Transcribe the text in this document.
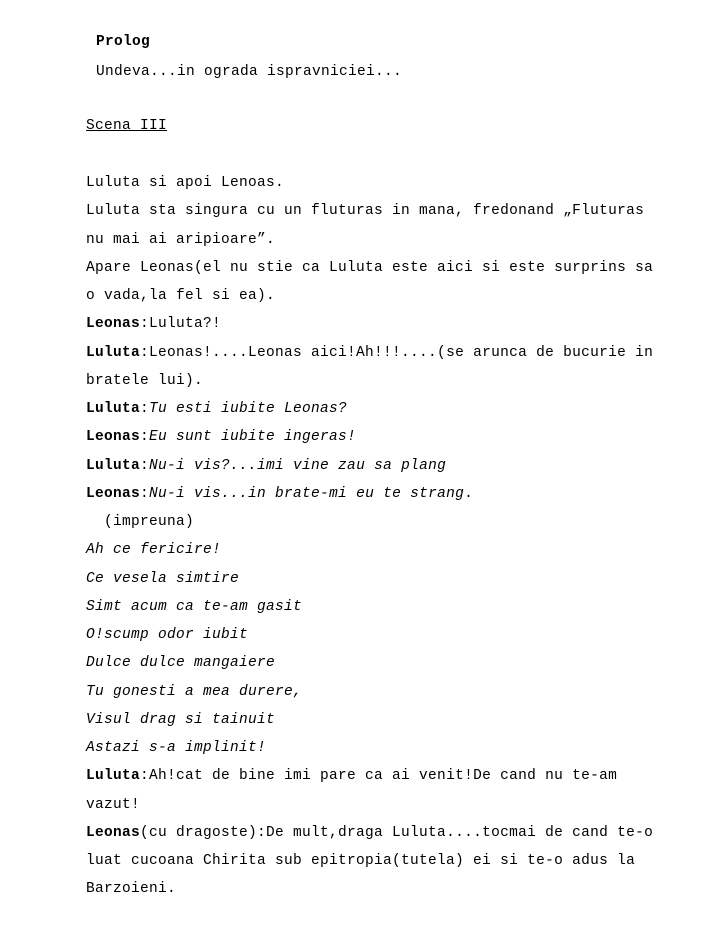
Prolog
Undeva...in ograda ispravniciei...
Scena III
Luluta si apoi Lenoas.
Luluta sta singura cu un fluturas in mana, fredonand „Fluturas
nu mai ai aripioare”.
Apare Leonas(el nu stie ca Luluta este aici si este surprins sa
o vada,la fel si ea).
Leonas:Luluta?!
Luluta:Leonas!....Leonas aici!Ah!!!....(se arunca de bucurie in
bratele lui).
Luluta:Tu esti iubite Leonas?
Leonas:Eu sunt iubite ingeras!
Luluta:Nu-i vis?...imi vine zau sa plang
Leonas:Nu-i vis...in brate-mi eu te strang.
(impreuna)
Ah ce fericire!
Ce vesela simtire
Simt acum ca te-am gasit
O!scump odor iubit
Dulce dulce mangaiere
Tu gonesti a mea durere,
Visul drag si tainuit
Astazi s-a implinit!
Luluta:Ah!cat de bine imi pare ca ai venit!De cand nu te-am
vazut!
Leonas(cu dragoste):De mult,draga Luluta....tocmai de cand te-o
luat cucoana Chirita sub epitropia(tutela) ei si te-o adus la
Barzoieni.
